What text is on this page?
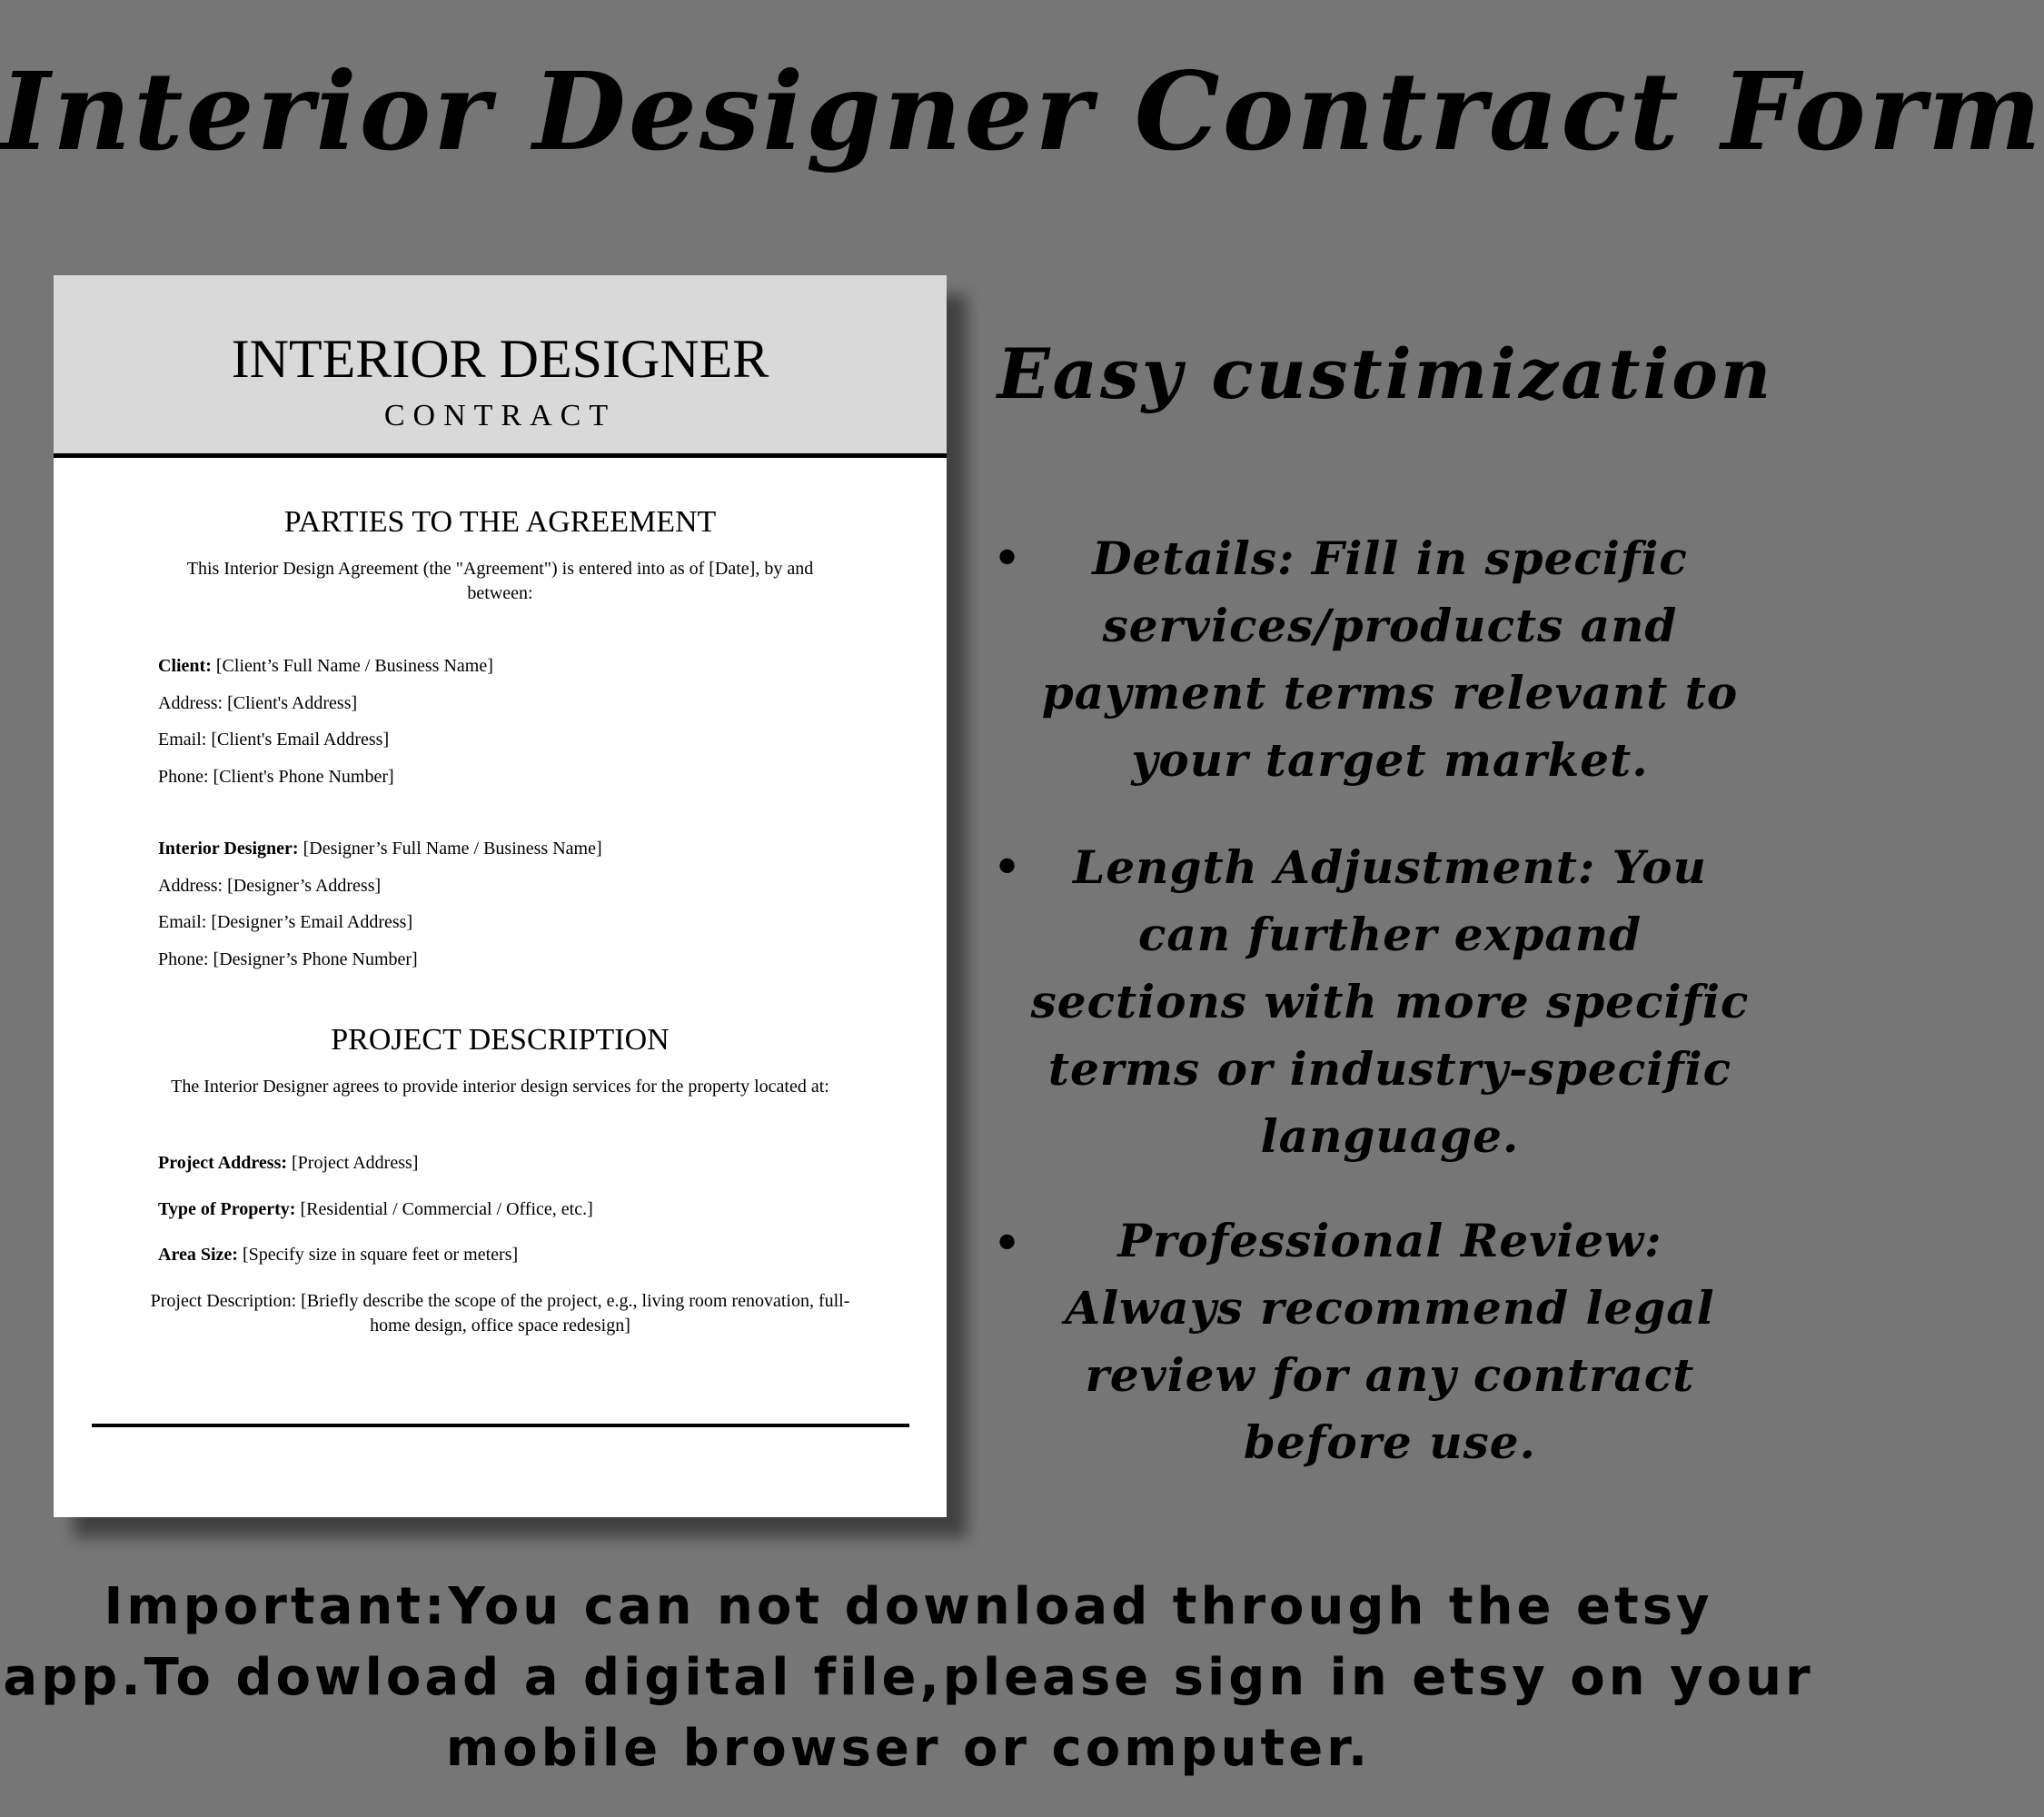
Interior Designer Contract Form
INTERIOR DESIGNER
CONTRACT
PARTIES TO THE AGREEMENT
This Interior Design Agreement (the "Agreement") is entered into as of [Date], by and between:
Client: [Client’s Full Name / Business Name]
Address: [Client's Address]
Email: [Client's Email Address]
Phone: [Client's Phone Number]
Interior Designer: [Designer’s Full Name / Business Name]
Address: [Designer’s Address]
Email: [Designer’s Email Address]
Phone: [Designer’s Phone Number]
PROJECT DESCRIPTION
The Interior Designer agrees to provide interior design services for the property located at:
Project Address: [Project Address]
Type of Property: [Residential / Commercial / Office, etc.]
Area Size: [Specify size in square feet or meters]
Project Description: [Briefly describe the scope of the project, e.g., living room renovation, full-home design, office space redesign]
Easy custimization
•	Details: Fill in specific services/products and payment terms relevant to your target market.
•	Length Adjustment: You can further expand sections with more specific terms or industry-specific language.
•	Professional Review: Always recommend legal review for any contract before use.
Important:You can not download through the etsy app.To dowload a digital file,please sign in etsy on your mobile browser or computer.
